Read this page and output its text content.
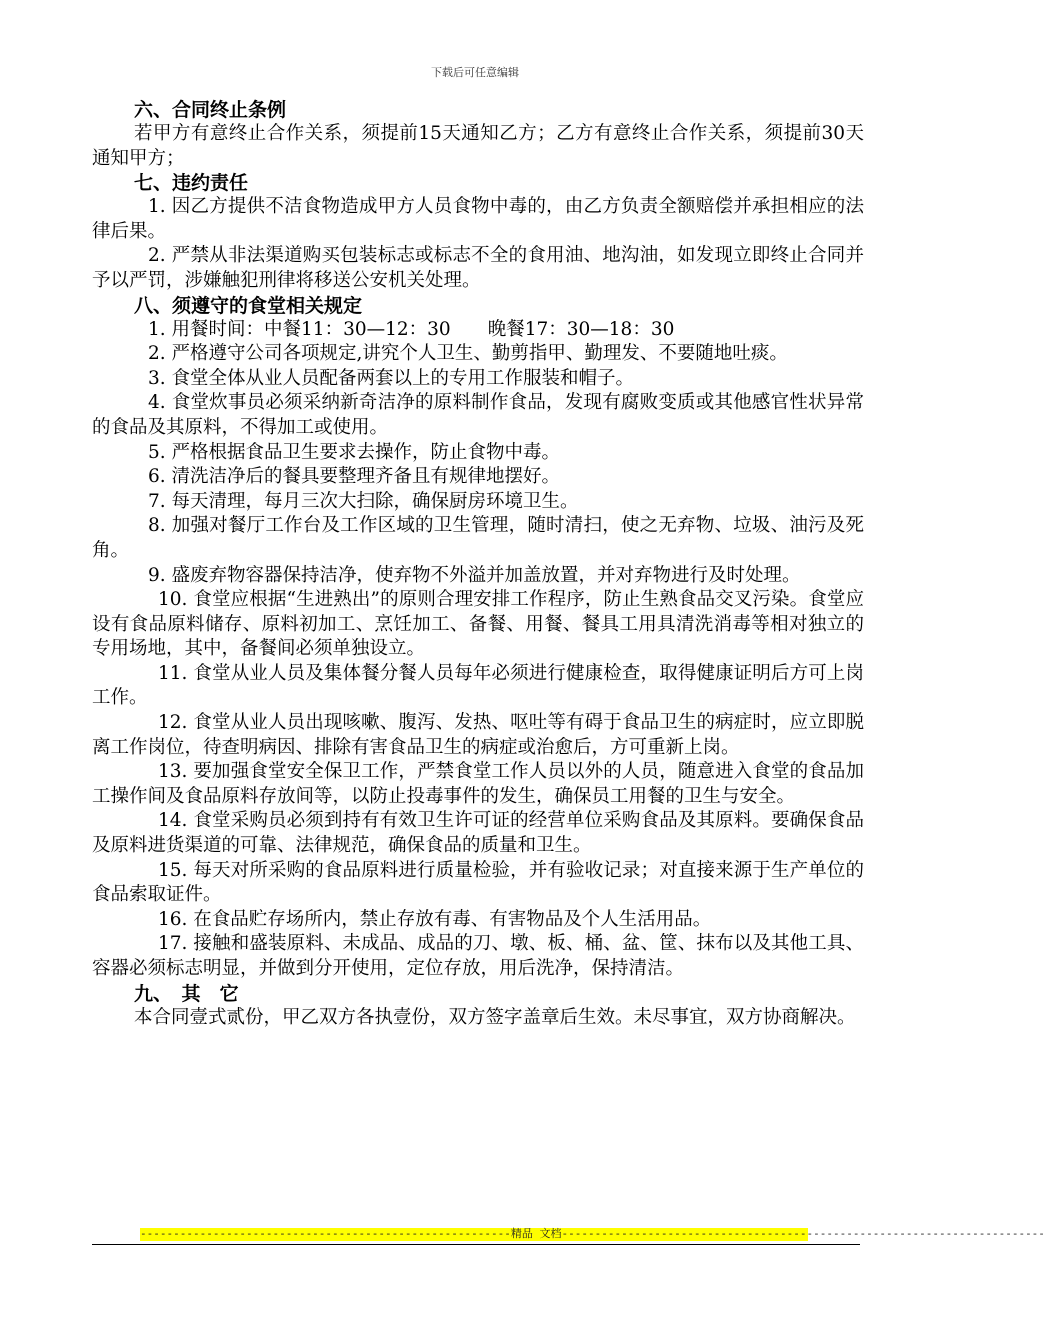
下载后可任意编辑

六、合同终止条例

若甲方有意终止合作关系，须提前15天通知乙方；乙方有意终止合作关系，须提前30天通知甲方；

七、违约责任

1. 因乙方提供不洁食物造成甲方人员食物中毒的，由乙方负责全额赔偿并承担相应的法律后果。

2. 严禁从非法渠道购买包装标志或标志不全的食用油、地沟油，如发现立即终止合同并予以严罚，涉嫌触犯刑律将移送公安机关处理。

八、须遵守的食堂相关规定

1. 用餐时间：中餐11：30—12：30　　晚餐17：30—18：30

2. 严格遵守公司各项规定,讲究个人卫生、勤剪指甲、勤理发、不要随地吐痰。

3. 食堂全体从业人员配备两套以上的专用工作服装和帽子。

4. 食堂炊事员必须采纳新奇洁净的原料制作食品，发现有腐败变质或其他感官性状异常的食品及其原料，不得加工或使用。

5. 严格根据食品卫生要求去操作，防止食物中毒。

6. 清洗洁净后的餐具要整理齐备且有规律地摆好。

7. 每天清理，每月三次大扫除，确保厨房环境卫生。

8. 加强对餐厅工作台及工作区域的卫生管理，随时清扫，使之无弃物、垃圾、油污及死角。

9. 盛废弃物容器保持洁净，使弃物不外溢并加盖放置，并对弃物进行及时处理。

10. 食堂应根据“生进熟出”的原则合理安排工作程序，防止生熟食品交叉污染。食堂应设有食品原料储存、原料初加工、烹饪加工、备餐、用餐、餐具工用具清洗消毒等相对独立的专用场地，其中，备餐间必须单独设立。

11. 食堂从业人员及集体餐分餐人员每年必须进行健康检查，取得健康证明后方可上岗工作。

12. 食堂从业人员出现咳嗽、腹泻、发热、呕吐等有碍于食品卫生的病症时，应立即脱离工作岗位，待查明病因、排除有害食品卫生的病症或治愈后，方可重新上岗。

13. 要加强食堂安全保卫工作，严禁食堂工作人员以外的人员，随意进入食堂的食品加工操作间及食品原料存放间等，以防止投毒事件的发生，确保员工用餐的卫生与安全。

14. 食堂采购员必须到持有有效卫生许可证的经营单位采购食品及其原料。要确保食品及原料进货渠道的可靠、法律规范，确保食品的质量和卫生。

15. 每天对所采购的食品原料进行质量检验，并有验收记录；对直接来源于生产单位的食品索取证件。

16. 在食品贮存场所内，禁止存放有毒、有害物品及个人生活用品。

17. 接触和盛装原料、未成品、成品的刀、墩、板、桶、盆、筐、抹布以及其他工具、容器必须标志明显，并做到分开使用，定位存放，用后洗净，保持清洁。

九、　其　它

本合同壹式贰份，甲乙双方各执壹份，双方签字盖章后生效。未尽事宜，双方协商解决。

--------------------------------------------------------精品 文档-------------------------------------------------------------------------
